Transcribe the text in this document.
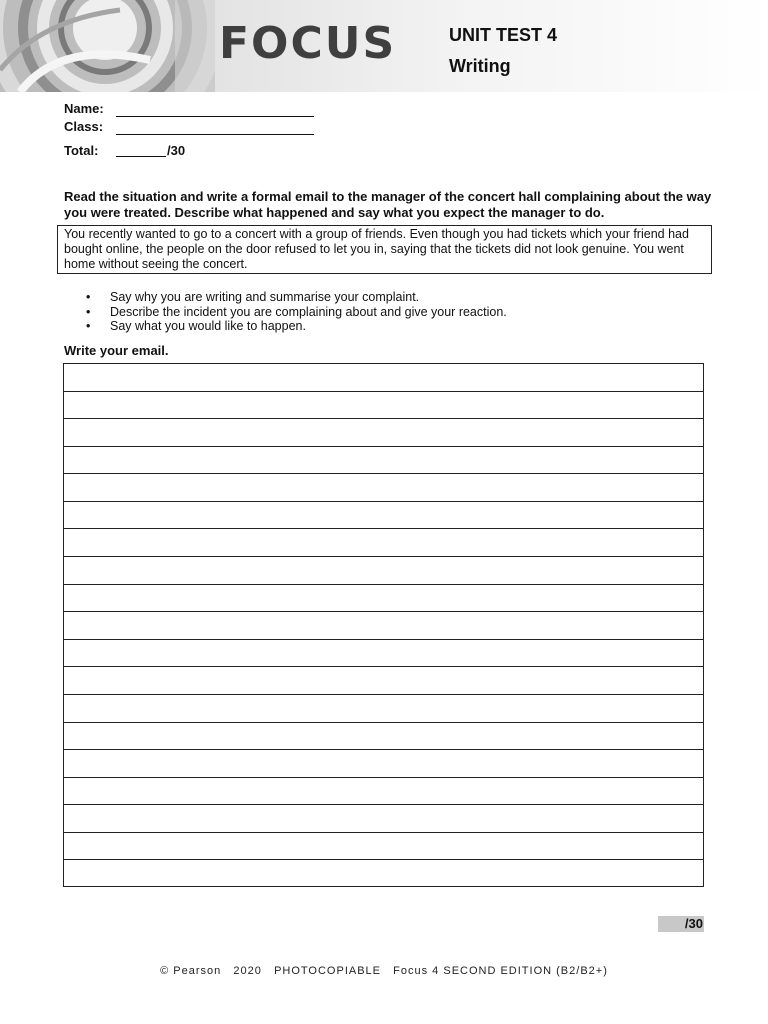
FOCUS	UNIT TEST 4
Writing
Name:
Class:
Total:	/30
Read the situation and write a formal email to the manager of the concert hall complaining about the way you were treated. Describe what happened and say what you expect the manager to do.
You recently wanted to go to a concert with a group of friends. Even though you had tickets which your friend had bought online, the people on the door refused to let you in, saying that the tickets did not look genuine. You went home without seeing the concert.
• Say why you are writing and summarise your complaint.
• Describe the incident you are complaining about and give your reaction.
• Say what you would like to happen.
Write your email.
/30
© Pearson   2020   PHOTOCOPIABLE   Focus 4 SECOND EDITION (B2/B2+)
